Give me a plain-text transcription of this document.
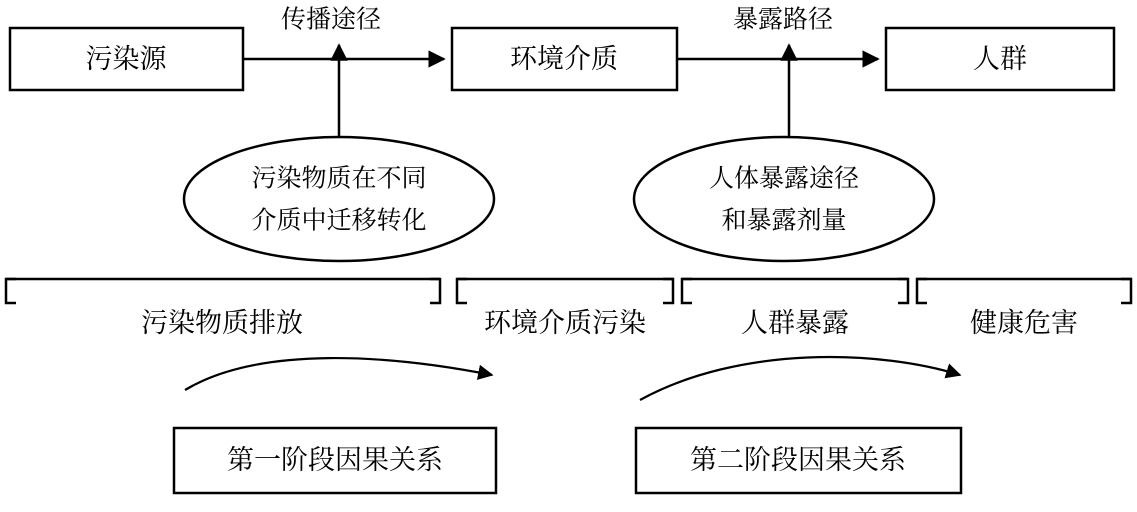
污染源	环境介质	人群
传播途径	暴露路径
污染物质在不同
介质中迁移转化
人体暴露途径
和暴露剂量
污染物质排放	环境介质污染	人群暴露	健康危害
第一阶段因果关系	第二阶段因果关系
